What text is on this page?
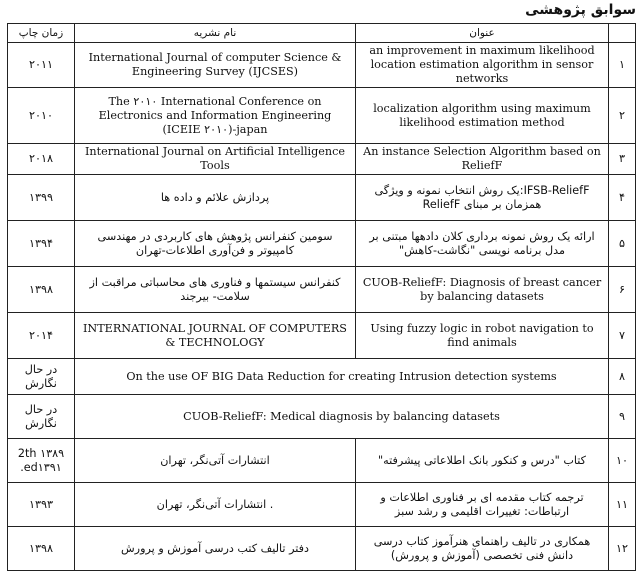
سوابق پژوهشی
	عنوان	نام نشریه	زمان چاپ
۱	an improvement in maximum likelihood location estimation algorithm in sensor networks	International Journal of computer Science & Engineering Survey (IJCSES)	۲۰۱۱
۲	localization algorithm using maximum likelihood estimation method	The ۲۰۱۰ International Conference on Electronics and Information Engineering (ICEIE ۲۰۱۰)-japan	۲۰۱۰
۳	An instance Selection Algorithm based on ReliefF	International Journal on Artificial Intelligence Tools	۲۰۱۸
۴	IFSB-ReliefF:یک روش انتخاب نمونه و ویژگی همزمان بر مبنای ReliefF	پردازش علائم و داده ها	۱۳۹۹
۵	ارائه یک روش نمونه برداری کلان دادهها مبتنی بر مدل برنامه نویسی "نگاشت-کاهش"	سومین کنفرانس پژوهش های کاربردی در مهندسی کامپیوتر و فن‌آوری اطلاعات-تهران	۱۳۹۴
۶	CUOB-ReliefF: Diagnosis of breast cancer by balancing datasets	کنفرانس سیستمها و فناوری های محاسباتی مراقبت از سلامت- بیرجند	۱۳۹۸
۷	Using fuzzy logic in robot navigation to find animals	INTERNATIONAL JOURNAL OF COMPUTERS & TECHNOLOGY	۲۰۱۴
۸	On the use OF BIG Data Reduction for creating Intrusion detection systems		در حال نگارش
۹	CUOB-ReliefF: Medical diagnosis by balancing datasets		در حال نگارش
۱۰	کتاب "درس و کنکور بانک اطلاعاتی پیشرفته"	انتشارات آتی‌نگر، تهران	۱۳۸۹ 2th ed۱۳۹۱.
۱۱	ترجمه کتاب مقدمه ای بر فناوری اطلاعات و ارتباطات: تغییرات اقلیمی و رشد سبز	. انتشارات آتی‌نگر، تهران	۱۳۹۳
۱۲	همکاری در تالیف راهنمای هنرآموز کتاب درسی دانش فنی تخصصی (آموزش و پرورش)	دفتر تالیف کتب درسی آموزش و پرورش	۱۳۹۸
